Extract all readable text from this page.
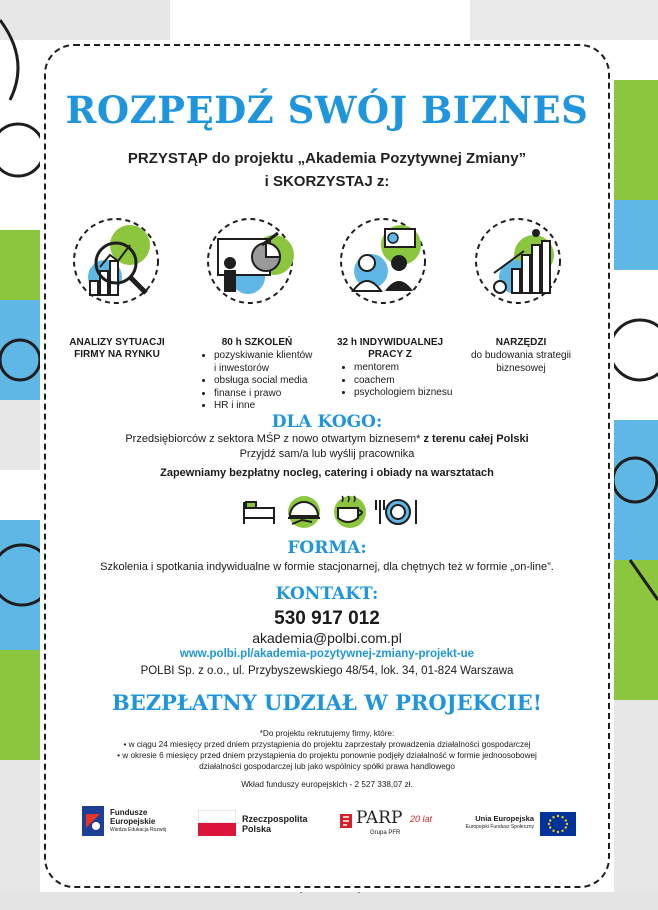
ROZPĘDŹ SWÓJ BIZNES
PRZYSTĄP do projektu „Akademia Pozytywnej Zmiany”
i SKORZYSTAJ z:
ANALIZY SYTUACJI
FIRMY NA RYNKU
80 h SZKOLEŃ
• pozyskiwanie klientów
i inwestorów
• obsługa social media
• finanse i prawo
• HR i inne
32 h INDYWIDUALNEJ
PRACY Z
• mentorem
• coachem
• psychologiem biznesu
NARZĘDZI
do budowania strategii
biznesowej
DLA KOGO:
Przedsiębiorców z sektora MŚP z nowo otwartym biznesem* z terenu całej Polski
Przyjdź sam/a lub wyślij pracownika
Zapewniamy bezpłatny nocleg, catering i obiady na warsztatach
FORMA:
Szkolenia i spotkania indywidualne w formie stacjonarnej, dla chętnych też w formie „on-line”.
KONTAKT:
530 917 012
akademia@polbi.com.pl
www.polbi.pl/akademia-pozytywnej-zmiany-projekt-ue
POLBI Sp. z o.o., ul. Przybyszewskiego 48/54, lok. 34, 01-824 Warszawa
BEZPŁATNY UDZIAŁ W PROJEKCIE!
*Do projektu rekrutujemy firmy, które:
• w ciągu 24 miesięcy przed dniem przystąpienia do projektu zaprzestały prowadzenia działalności gospodarczej
• w okresie 6 miesięcy przed dniem przystąpienia do projektu ponownie podjęły działalność w formie jednoosobowej
działalności gospodarczej lub jako wspólnicy spółki prawa handlowego
Wkład funduszy europejskich - 2 527 338,07 zł.
Fundusze
Europejskie
Wiedza Edukacja Rozwój
Rzeczpospolita
Polska
PARP 20 lat
Grupa PFR
Unia Europejska
Europejski Fundusz Społeczny
